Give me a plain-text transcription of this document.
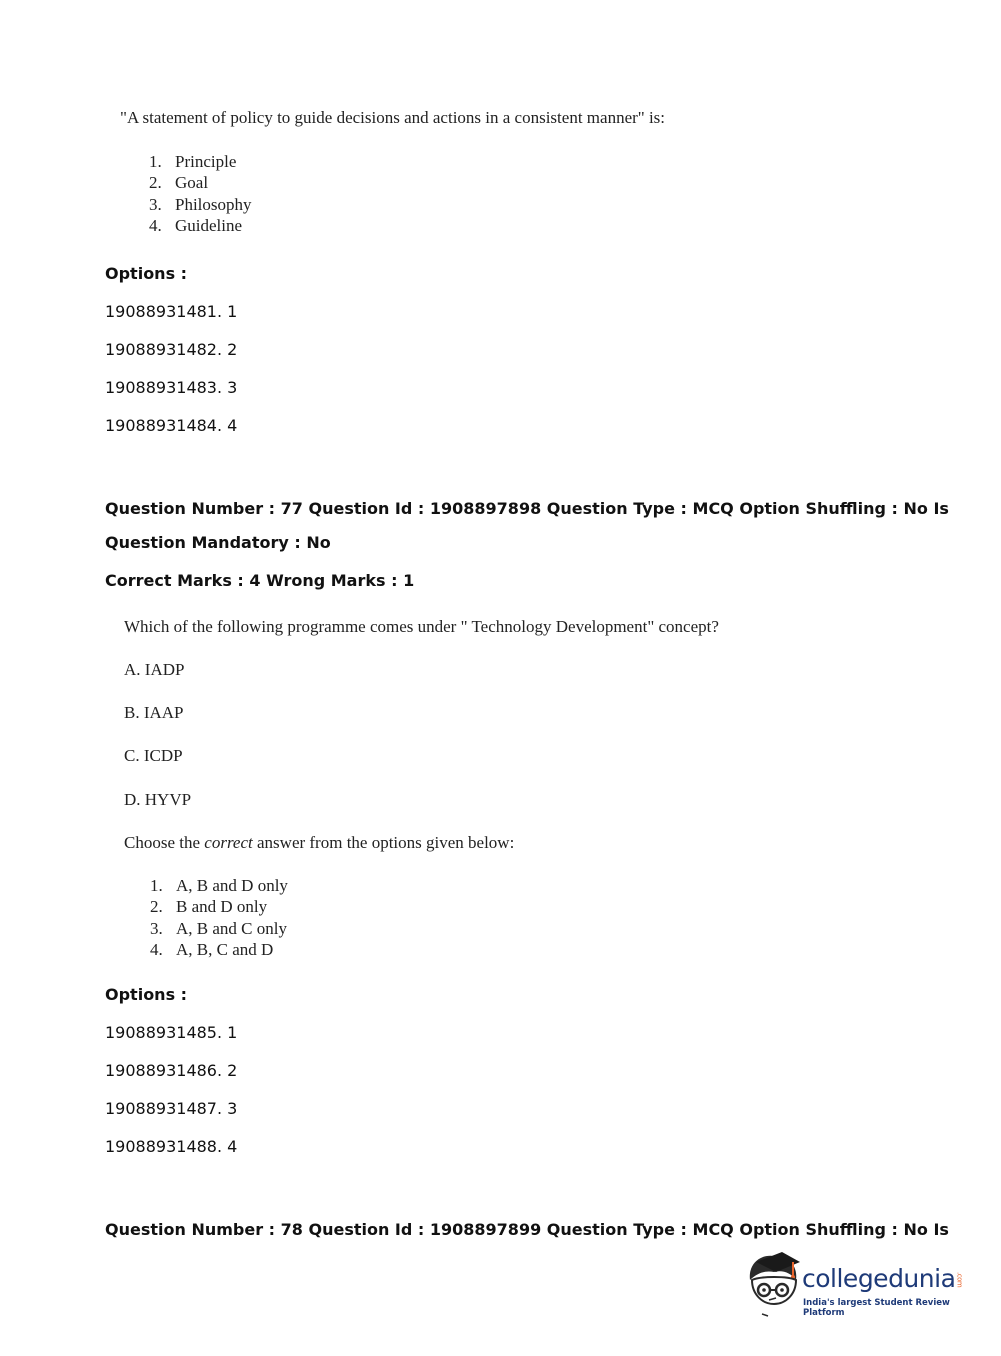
"A statement of policy to guide decisions and actions in a consistent manner" is:
1. Principle
2. Goal
3. Philosophy
4. Guideline
Options :
19088931481. 1
19088931482. 2
19088931483. 3
19088931484. 4
Question Number : 77 Question Id : 1908897898 Question Type : MCQ Option Shuffling : No Is
Question Mandatory : No
Correct Marks : 4 Wrong Marks : 1
Which of the following programme comes under " Technology Development" concept?
A. IADP
B. IAAP
C. ICDP
D. HYVP
Choose the correct answer from the options given below:
1. A, B and D only
2. B and D only
3. A, B and C only
4. A, B, C and D
Options :
19088931485. 1
19088931486. 2
19088931487. 3
19088931488. 4
Question Number : 78 Question Id : 1908897899 Question Type : MCQ Option Shuffling : No Is
collegedunia .com
India's largest Student Review Platform
